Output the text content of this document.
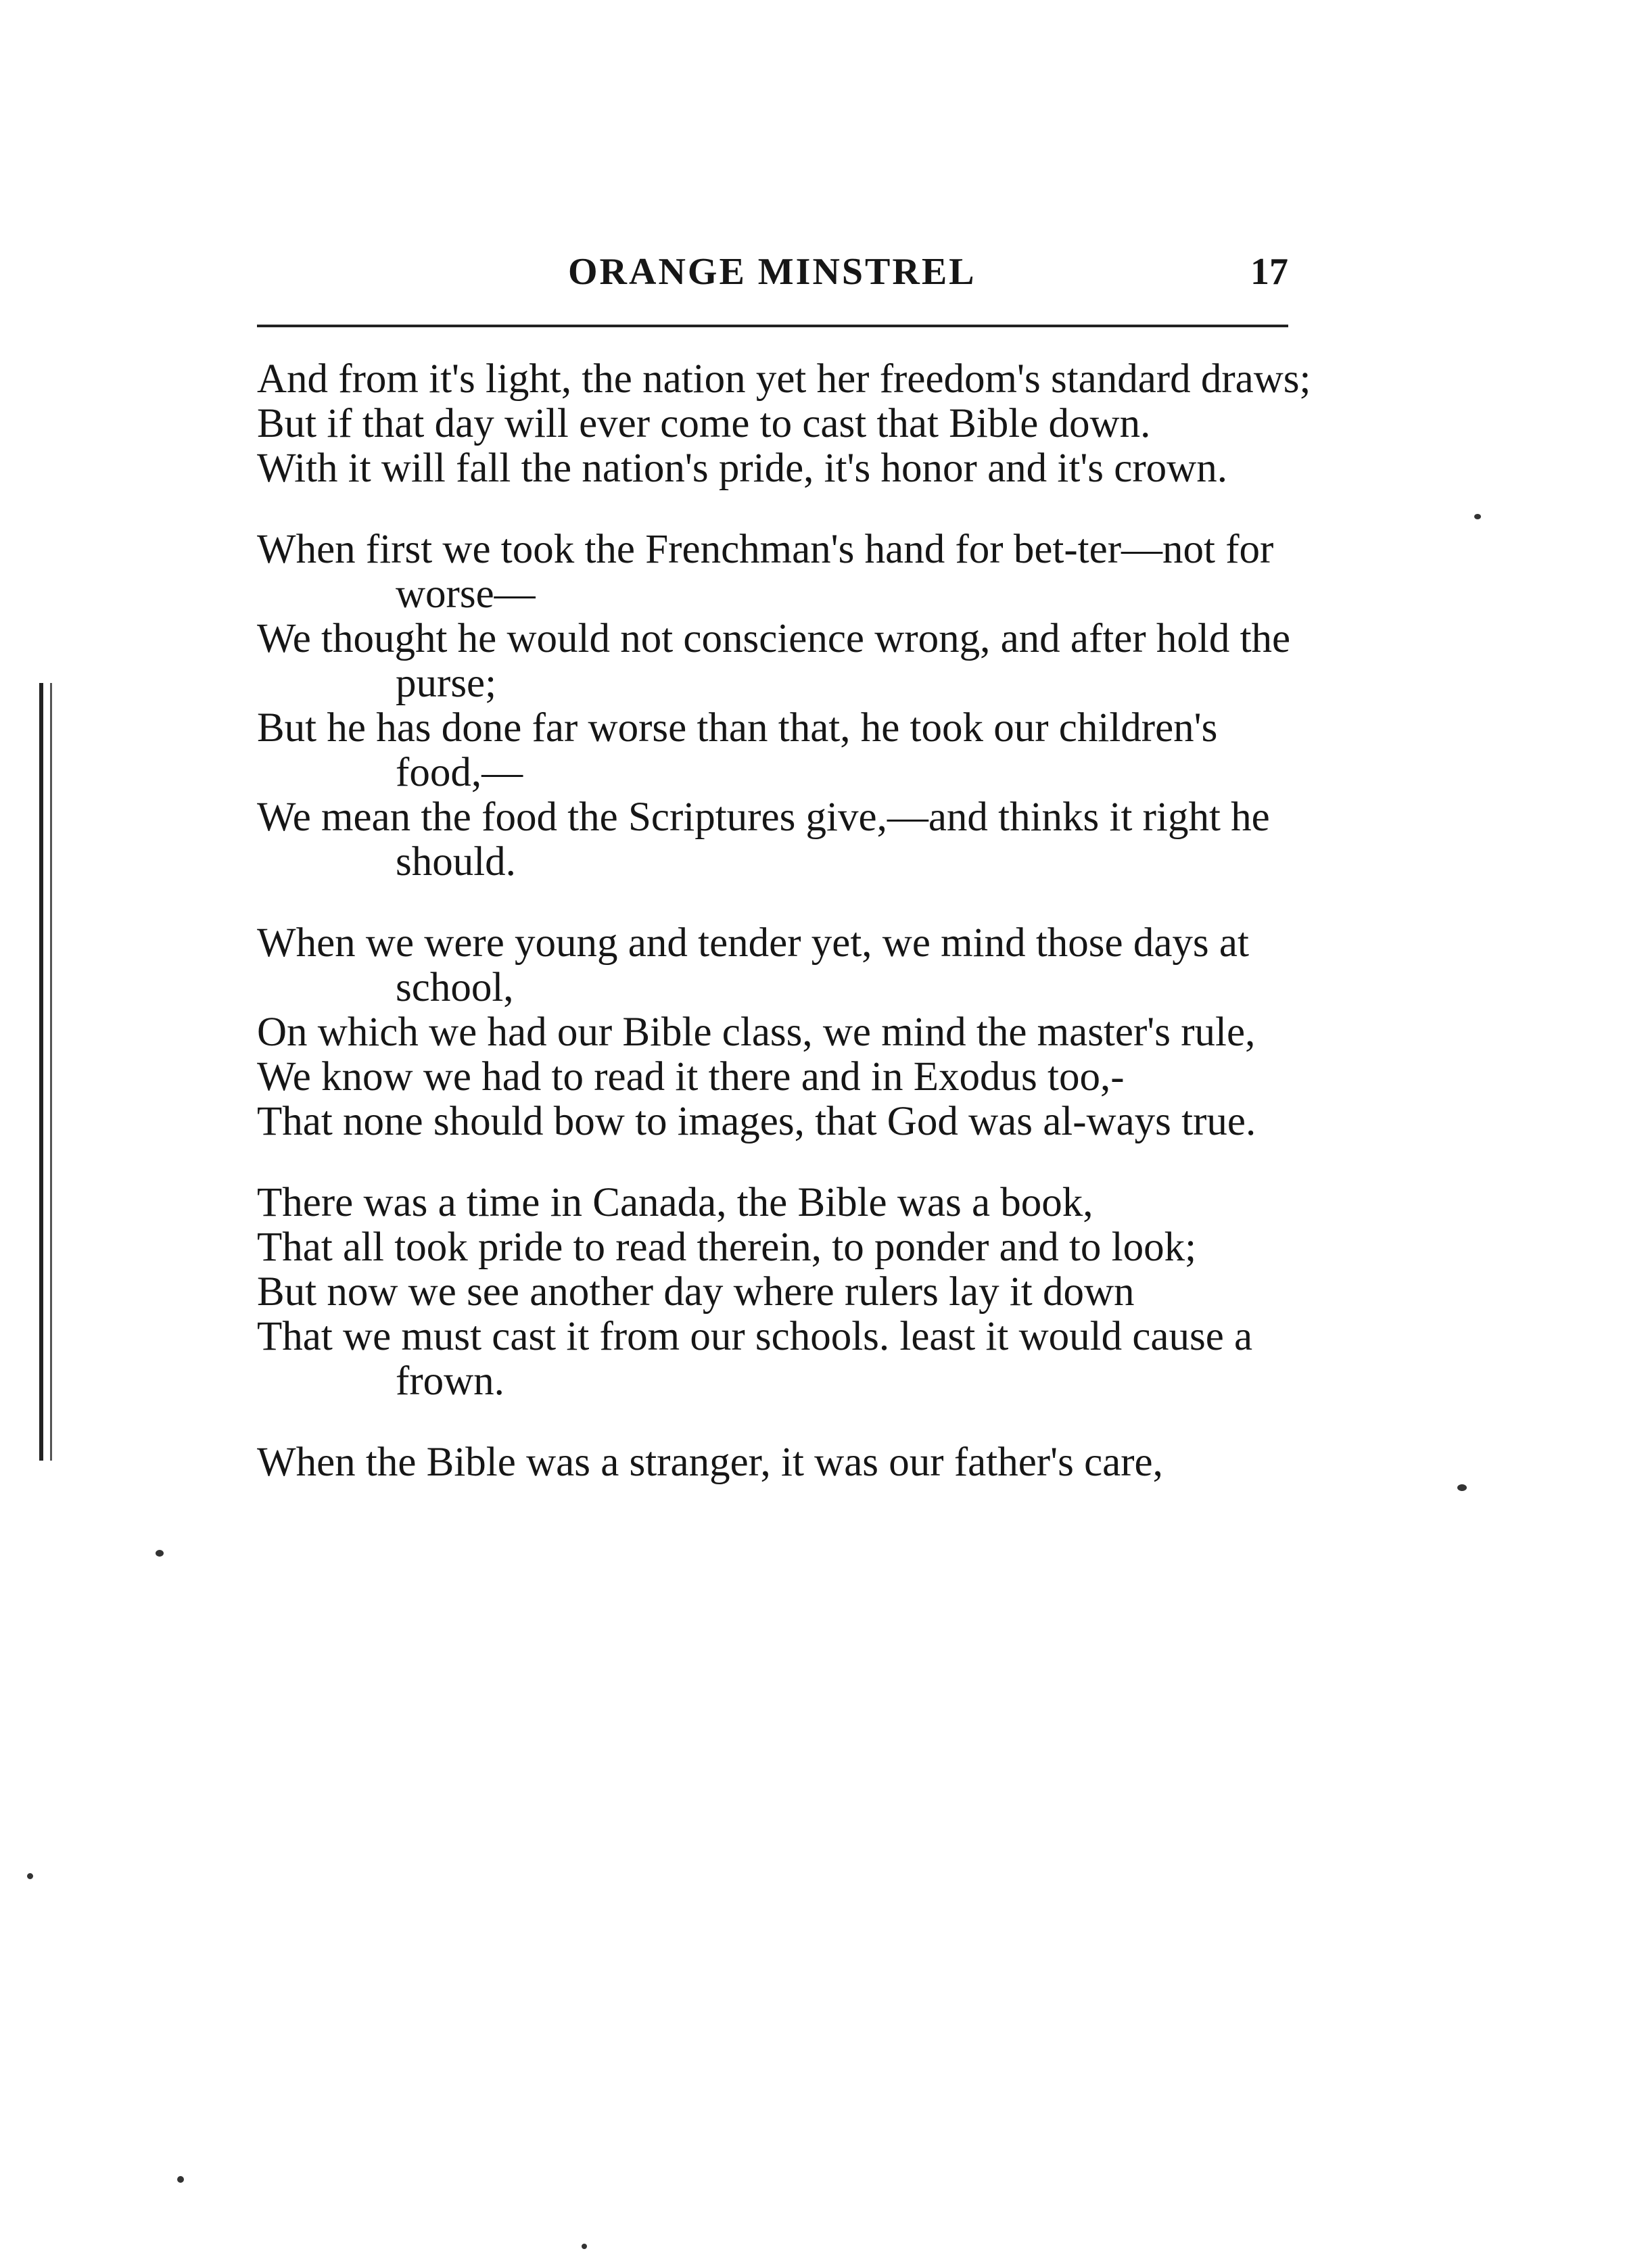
ORANGE MINSTREL	17

And from it's light, the nation yet her freedom's standard draws;

But if that day will ever come to cast that Bible down.

With it will fall the nation's pride, it's honor and it's crown.

When first we took the Frenchman's hand for bet-ter—not for worse—

We thought he would not conscience wrong, and after hold the purse;

But he has done far worse than that, he took our children's food,—

We mean the food the Scriptures give,—and thinks it right he should.

When we were young and tender yet, we mind those days at school,

On which we had our Bible class, we mind the master's rule,

We know we had to read it there and in Exodus too,-

That none should bow to images, that God was al-ways true.

There was a time in Canada, the Bible was a book,

That all took pride to read therein, to ponder and to look;

But now we see another day where rulers lay it down

That we must cast it from our schools. least it would cause a frown.

When the Bible was a stranger, it was our father's care,
